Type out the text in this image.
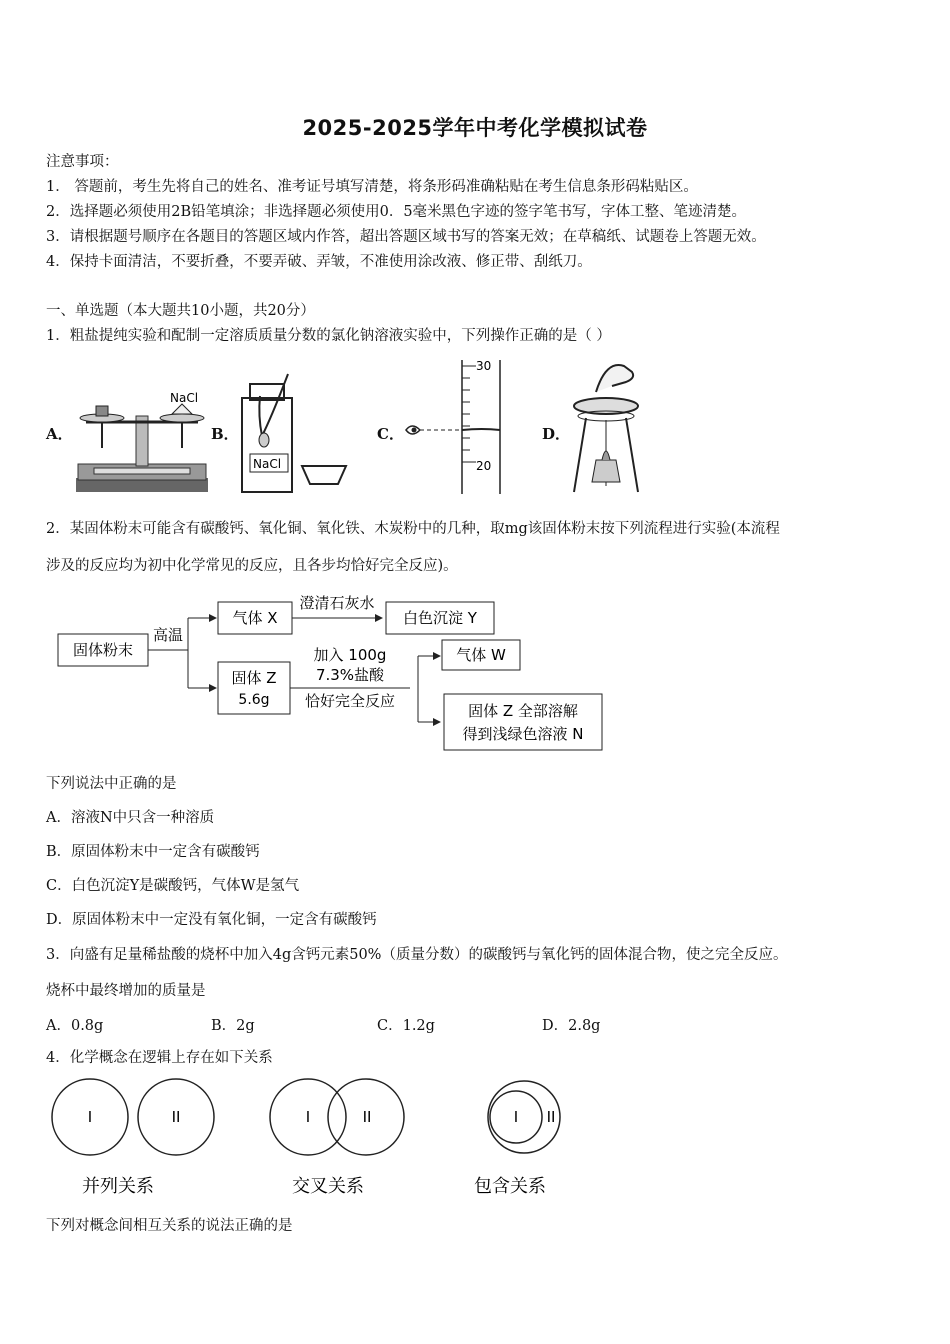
2025-2025学年中考化学模拟试卷
注意事项：
1． 答题前，考生先将自己的姓名、准考证号填写清楚，将条形码准确粘贴在考生信息条形码粘贴区。
2．选择题必须使用2B铅笔填涂；非选择题必须使用0．5毫米黑色字迹的签字笔书写，字体工整、笔迹清楚。
3．请根据题号顺序在各题目的答题区域内作答，超出答题区域书写的答案无效；在草稿纸、试题卷上答题无效。
4．保持卡面清洁，不要折叠，不要弄破、弄皱，不准使用涂改液、修正带、刮纸刀。
一、单选题（本大题共10小题，共20分）
1．粗盐提纯实验和配制一定溶质质量分数的氯化钠溶液实验中，下列操作正确的是（ ）
A．	B．	C．	D．
NaCl
NaCl
30
20
2．某固体粉末可能含有碳酸钙、氧化铜、氧化铁、木炭粉中的几种，取mg该固体粉末按下列流程进行实验(本流程
涉及的反应均为初中化学常见的反应，且各步均恰好完全反应)。
固体粉末
高温
气体 X
澄清石灰水
白色沉淀 Y
固体 Z
5.6g
加入 100g
7.3%盐酸
恰好完全反应
气体 W
固体 Z 全部溶解
得到浅绿色溶液 N
下列说法中正确的是
A．溶液N中只含一种溶质
B．原固体粉末中一定含有碳酸钙
C．白色沉淀Y是碳酸钙，气体W是氢气
D．原固体粉末中一定没有氧化铜，一定含有碳酸钙
3．向盛有足量稀盐酸的烧杯中加入4g含钙元素50%（质量分数）的碳酸钙与氧化钙的固体混合物，使之完全反应。
烧杯中最终增加的质量是
A．0.8g	B．2g	C．1.2g	D．2.8g
4．化学概念在逻辑上存在如下关系
I	II
并列关系
I	II
交叉关系
I II
包含关系
下列对概念间相互关系的说法正确的是
